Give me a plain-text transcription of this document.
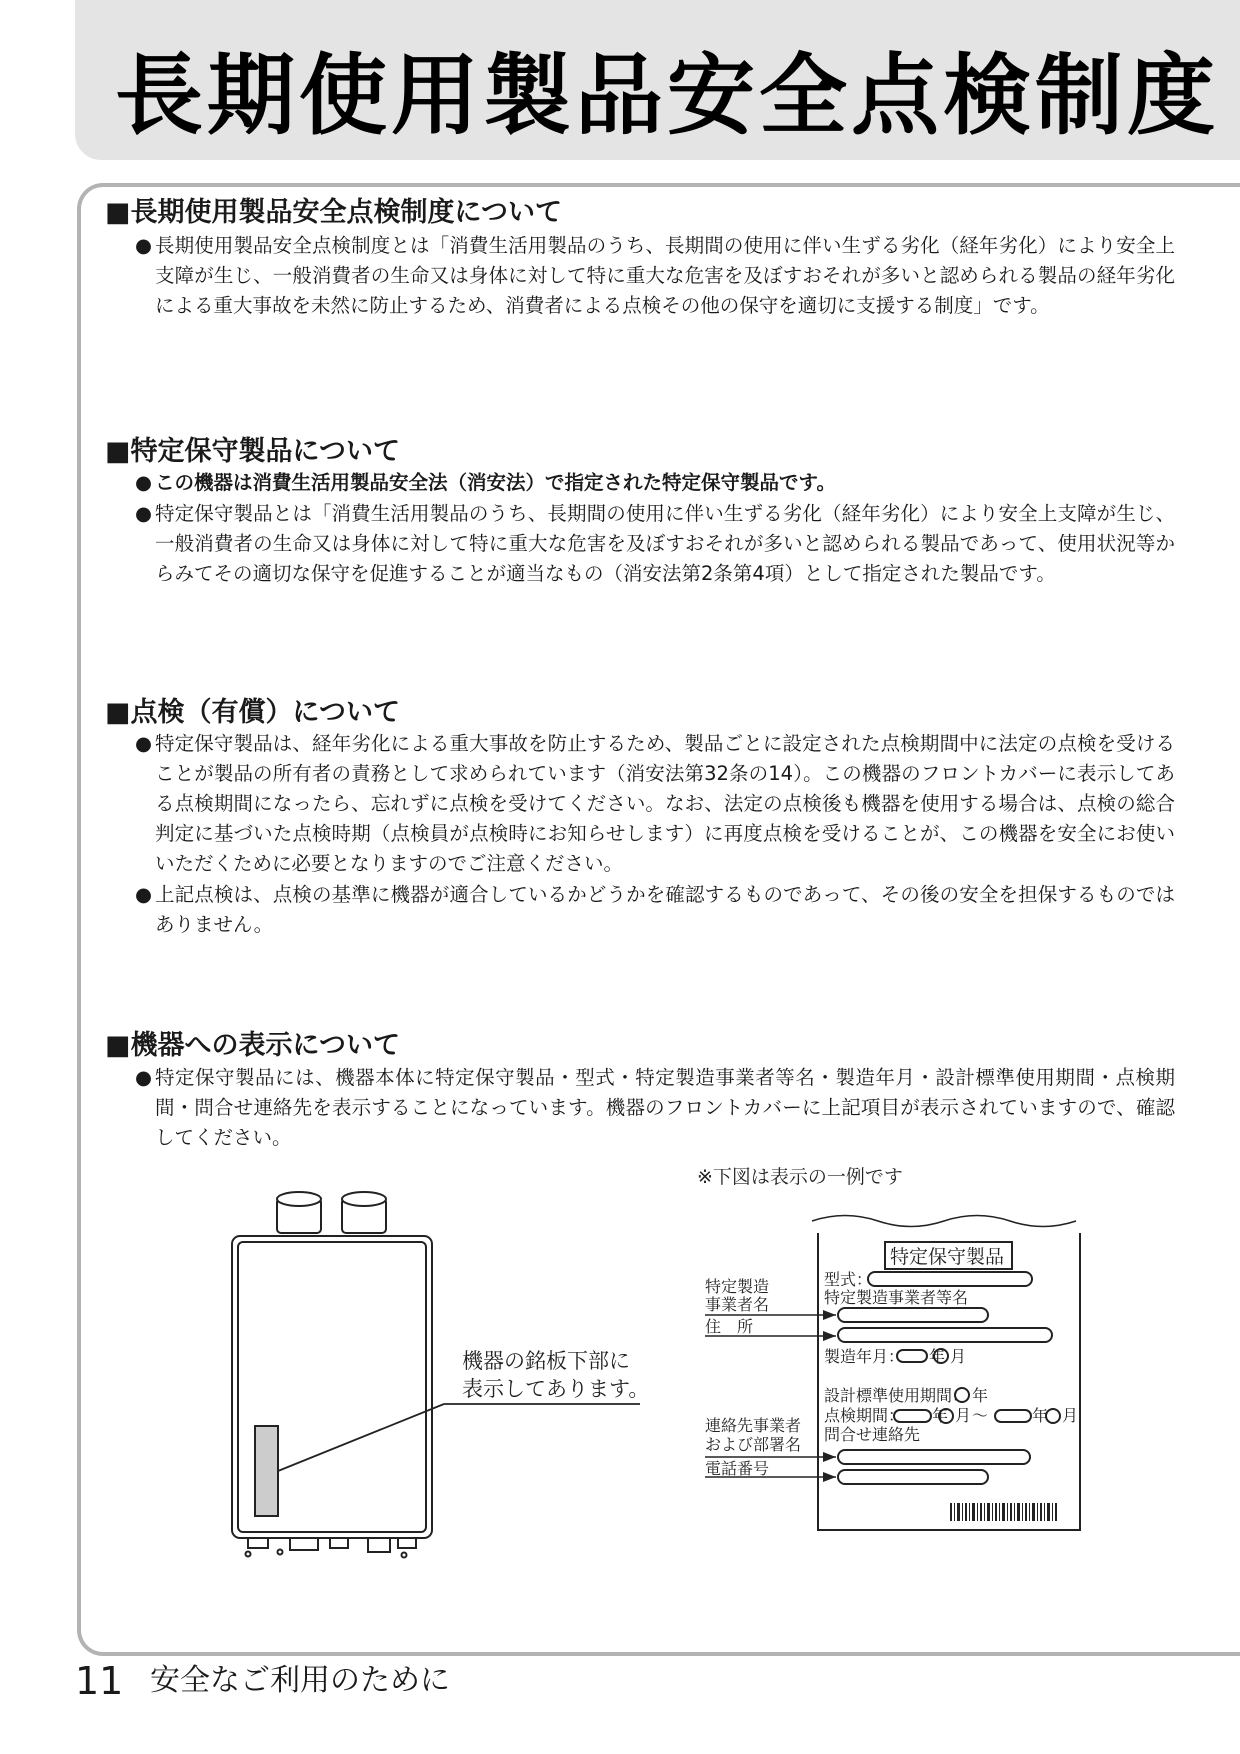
長期使用製品安全点検制度
■長期使用製品安全点検制度について
● 長期使用製品安全点検制度とは「消費生活用製品のうち、長期間の使用に伴い生ずる劣化（経年劣化）により安全上支障が生じ、一般消費者の生命又は身体に対して特に重大な危害を及ぼすおそれが多いと認められる製品の経年劣化による重大事故を未然に防止するため、消費者による点検その他の保守を適切に支援する制度」です。
■特定保守製品について
● この機器は消費生活用製品安全法（消安法）で指定された特定保守製品です。
● 特定保守製品とは「消費生活用製品のうち、長期間の使用に伴い生ずる劣化（経年劣化）により安全上支障が生じ、一般消費者の生命又は身体に対して特に重大な危害を及ぼすおそれが多いと認められる製品であって、使用状況等からみてその適切な保守を促進することが適当なもの（消安法第2条第4項）として指定された製品です。
■点検（有償）について
● 特定保守製品は、経年劣化による重大事故を防止するため、製品ごとに設定された点検期間中に法定の点検を受けることが製品の所有者の責務として求められています（消安法第32条の14）。この機器のフロントカバーに表示してある点検期間になったら、忘れずに点検を受けてください。なお、法定の点検後も機器を使用する場合は、点検の総合判定に基づいた点検時期（点検員が点検時にお知らせします）に再度点検を受けることが、この機器を安全にお使いいただくために必要となりますのでご注意ください。
● 上記点検は、点検の基準に機器が適合しているかどうかを確認するものであって、その後の安全を担保するものではありません。
■機器への表示について
● 特定保守製品には、機器本体に特定保守製品・型式・特定製造事業者等名・製造年月・設計標準使用期間・点検期間・問合せ連絡先を表示することになっています。機器のフロントカバーに上記項目が表示されていますので、確認してください。
※下図は表示の一例です
機器の銘板下部に
表示してあります。
特定保守製品
型式：
特定製造事業者等名
製造年月： 年 月
設計標準使用期間： 年
点検期間： 年 月 〜	年 月
問合せ連絡先
特定製造
事業者名
住　所
連絡先事業者
および部署名
電話番号
11 安全なご利用のために
